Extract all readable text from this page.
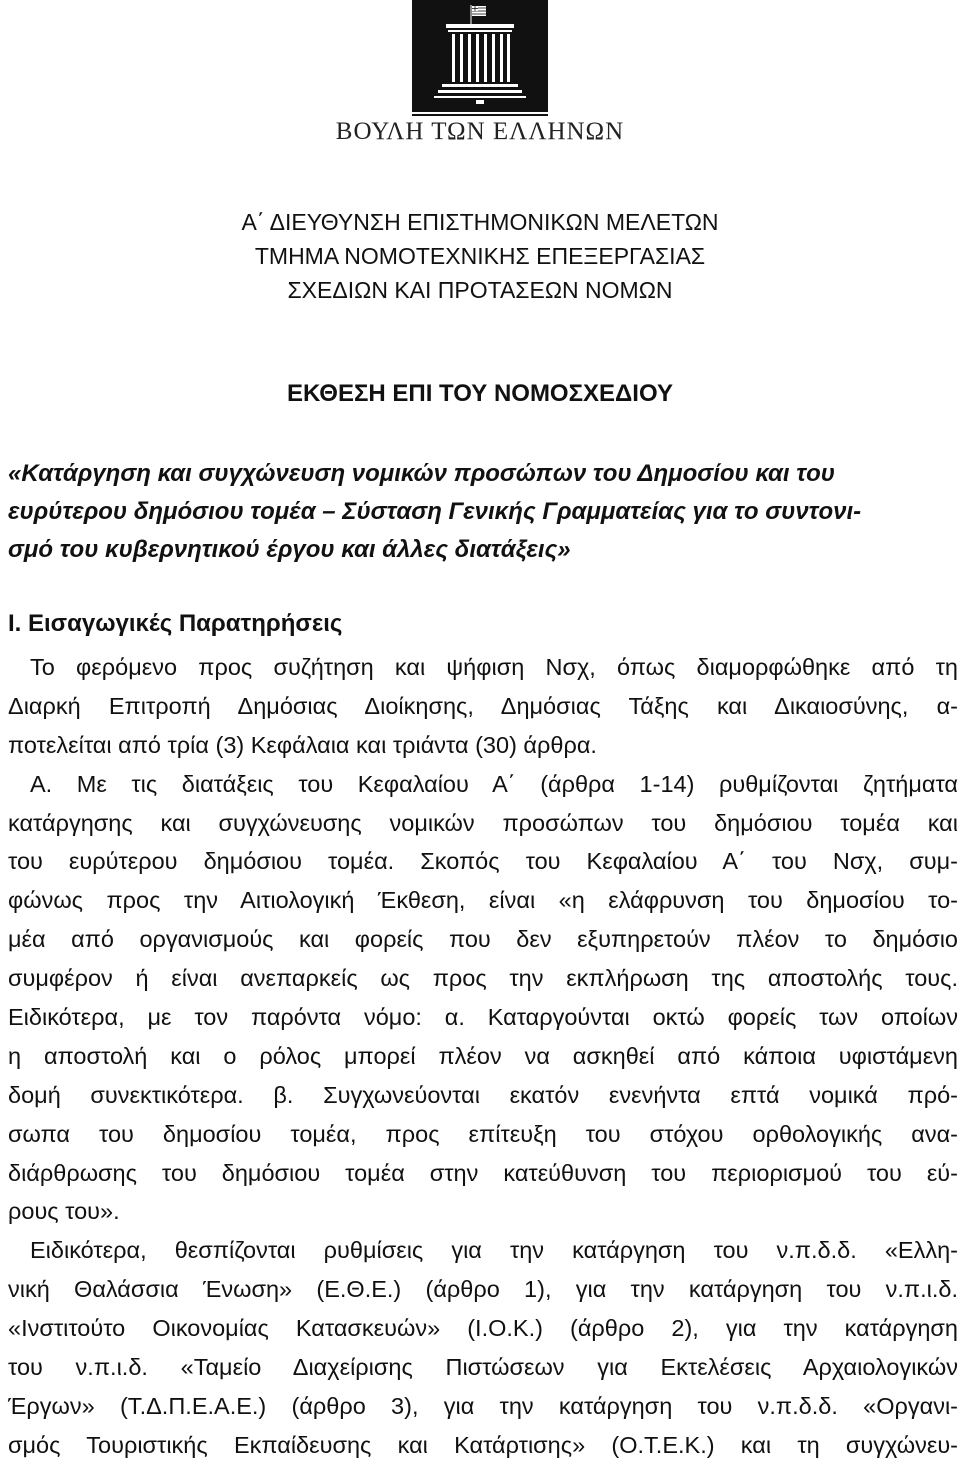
ΒΟΥΛΗ ΤΩΝ ΕΛΛΗΝΩΝ
Α΄ ΔΙΕΥΘΥΝΣΗ ΕΠΙΣΤΗΜΟΝΙΚΩΝ ΜΕΛΕΤΩΝ
ΤΜΗΜΑ ΝΟΜΟΤΕΧΝΙΚΗΣ ΕΠΕΞΕΡΓΑΣΙΑΣ
ΣΧΕΔΙΩΝ ΚΑΙ ΠΡΟΤΑΣΕΩΝ ΝΟΜΩΝ
ΕΚΘΕΣΗ ΕΠΙ ΤΟΥ ΝΟΜΟΣΧΕΔΙΟΥ
«Κατάργηση και συγχώνευση νομικών προσώπων του Δημοσίου και του
ευρύτερου δημόσιου τομέα – Σύσταση Γενικής Γραμματείας για το συντονι-
σμό του κυβερνητικού έργου και άλλες διατάξεις»
Ι. Εισαγωγικές Παρατηρήσεις
Το φερόμενο προς συζήτηση και ψήφιση Νσχ, όπως διαμορφώθηκε από τη
Διαρκή Επιτροπή Δημόσιας Διοίκησης, Δημόσιας Τάξης και Δικαιοσύνης, α-
ποτελείται από τρία (3) Κεφάλαια και τριάντα (30) άρθρα.
Α. Με τις διατάξεις του Κεφαλαίου Α΄ (άρθρα 1-14) ρυθμίζονται ζητήματα
κατάργησης και συγχώνευσης νομικών προσώπων του δημόσιου τομέα και
του ευρύτερου δημόσιου τομέα. Σκοπός του Κεφαλαίου Α΄ του Νσχ, συμ-
φώνως προς την Αιτιολογική Έκθεση, είναι «η ελάφρυνση του δημοσίου το-
μέα από οργανισμούς και φορείς που δεν εξυπηρετούν πλέον το δημόσιο
συμφέρον ή είναι ανεπαρκείς ως προς την εκπλήρωση της αποστολής τους.
Ειδικότερα, με τον παρόντα νόμο: α. Καταργούνται οκτώ φορείς των οποίων
η αποστολή και ο ρόλος μπορεί πλέον να ασκηθεί από κάποια υφιστάμενη
δομή συνεκτικότερα. β. Συγχωνεύονται εκατόν ενενήντα επτά νομικά πρό-
σωπα του δημοσίου τομέα, προς επίτευξη του στόχου ορθολογικής ανα-
διάρθρωσης του δημόσιου τομέα στην κατεύθυνση του περιορισμού του εύ-
ρους του».
Ειδικότερα, θεσπίζονται ρυθμίσεις για την κατάργηση του ν.π.δ.δ. «Ελλη-
νική Θαλάσσια Ένωση» (Ε.Θ.Ε.) (άρθρο 1), για την κατάργηση του ν.π.ι.δ.
«Ινστιτούτο Οικονομίας Κατασκευών» (Ι.Ο.Κ.) (άρθρο 2), για την κατάργηση
του ν.π.ι.δ. «Ταμείο Διαχείρισης Πιστώσεων για Εκτελέσεις Αρχαιολογικών
Έργων» (Τ.Δ.Π.Ε.Α.Ε.) (άρθρο 3), για την κατάργηση του ν.π.δ.δ. «Οργανι-
σμός Τουριστικής Εκπαίδευσης και Κατάρτισης» (Ο.Τ.Ε.Κ.) και τη συγχώνευ-
